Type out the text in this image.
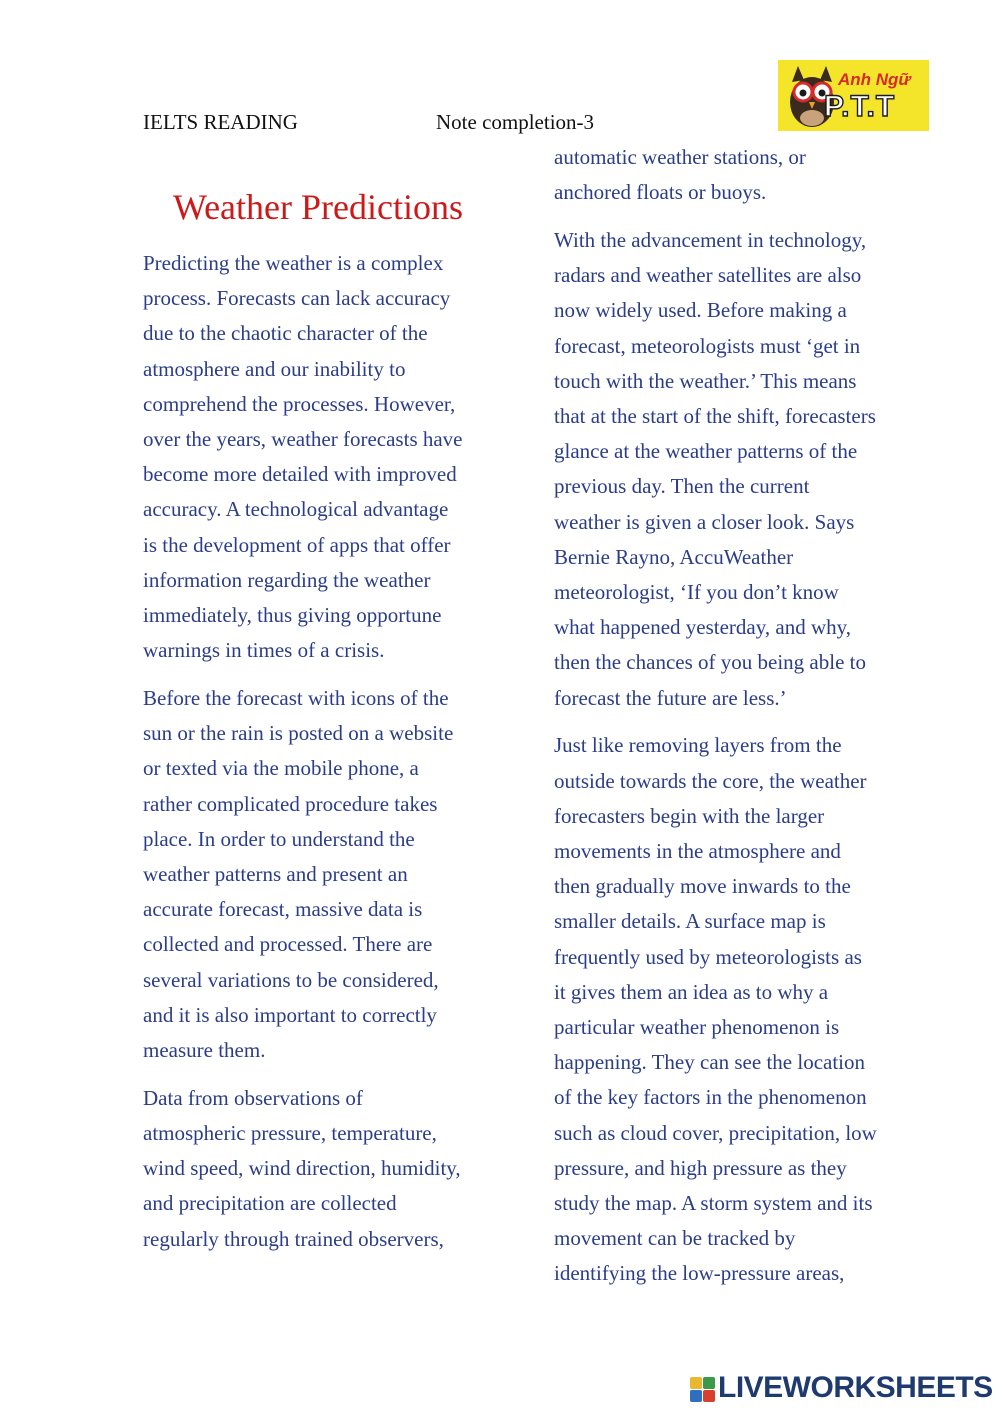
IELTS READING	Note completion-3
Anh Ngữ
P.T.T
Weather Predictions

Predicting the weather is a complex
process. Forecasts can lack accuracy
due to the chaotic character of the
atmosphere and our inability to
comprehend the processes. However,
over the years, weather forecasts have
become more detailed with improved
accuracy. A technological advantage
is the development of apps that offer
information regarding the weather
immediately, thus giving opportune
warnings in times of a crisis.

Before the forecast with icons of the
sun or the rain is posted on a website
or texted via the mobile phone, a
rather complicated procedure takes
place. In order to understand the
weather patterns and present an
accurate forecast, massive data is
collected and processed. There are
several variations to be considered,
and it is also important to correctly
measure them.

Data from observations of
atmospheric pressure, temperature,
wind speed, wind direction, humidity,
and precipitation are collected
regularly through trained observers,

automatic weather stations, or
anchored floats or buoys.

With the advancement in technology,
radars and weather satellites are also
now widely used. Before making a
forecast, meteorologists must ‘get in
touch with the weather.’ This means
that at the start of the shift, forecasters
glance at the weather patterns of the
previous day. Then the current
weather is given a closer look. Says
Bernie Rayno, AccuWeather
meteorologist, ‘If you don’t know
what happened yesterday, and why,
then the chances of you being able to
forecast the future are less.’

Just like removing layers from the
outside towards the core, the weather
forecasters begin with the larger
movements in the atmosphere and
then gradually move inwards to the
smaller details. A surface map is
frequently used by meteorologists as
it gives them an idea as to why a
particular weather phenomenon is
happening. They can see the location
of the key factors in the phenomenon
such as cloud cover, precipitation, low
pressure, and high pressure as they
study the map. A storm system and its
movement can be tracked by
identifying the low-pressure areas,

LIVEWORKSHEETS
